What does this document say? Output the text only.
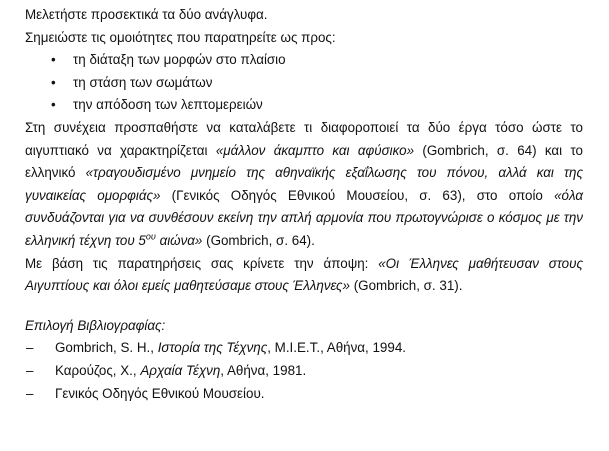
Μελετήστε προσεκτικά τα δύο ανάγλυφα.

Σημειώστε τις ομοιότητες που παρατηρείτε ως προς:

• τη διάταξη των μορφών στο πλαίσιο
• τη στάση των σωμάτων
• την απόδοση των λεπτομερειών

Στη συνέχεια προσπαθήστε να καταλάβετε τι διαφοροποιεί τα δύο έργα τόσο ώστε το αιγυπτιακό να χαρακτηρίζεται «μάλλον άκαμπτο και αφύσικο» (Gombrich, σ. 64) και το ελληνικό «τραγουδισμένο μνημείο της αθηναϊκής εξαΐλωσης του πόνου, αλλά και της γυναικείας ομορφιάς» (Γενικός Οδηγός Εθνικού Μουσείου, σ. 63), στο οποίο «όλα συνδυάζονται για να συνθέσουν εκείνη την απλή αρμονία που πρωτογνώρισε ο κόσμος με την ελληνική τέχνη του $5^{o\upsilon}$ αιώνα» (Gombrich, σ. 64).

Με βάση τις παρατηρήσεις σας κρίνετε την άποψη: «Οι Έλληνες μαθήτευσαν στους Αιγυπτίους και όλοι εμείς μαθητεύσαμε στους Έλληνες» (Gombrich, σ. 31).

Επιλογή Βιβλιογραφίας:

– Gombrich, S. H., Ιστορία της Τέχνης, Μ.Ι.Ε.Τ., Αθήνα, 1994.
– Καρούζος, Χ., Αρχαία Τέχνη, Αθήνα, 1981.
– Γενικός Οδηγός Εθνικού Μουσείου.
